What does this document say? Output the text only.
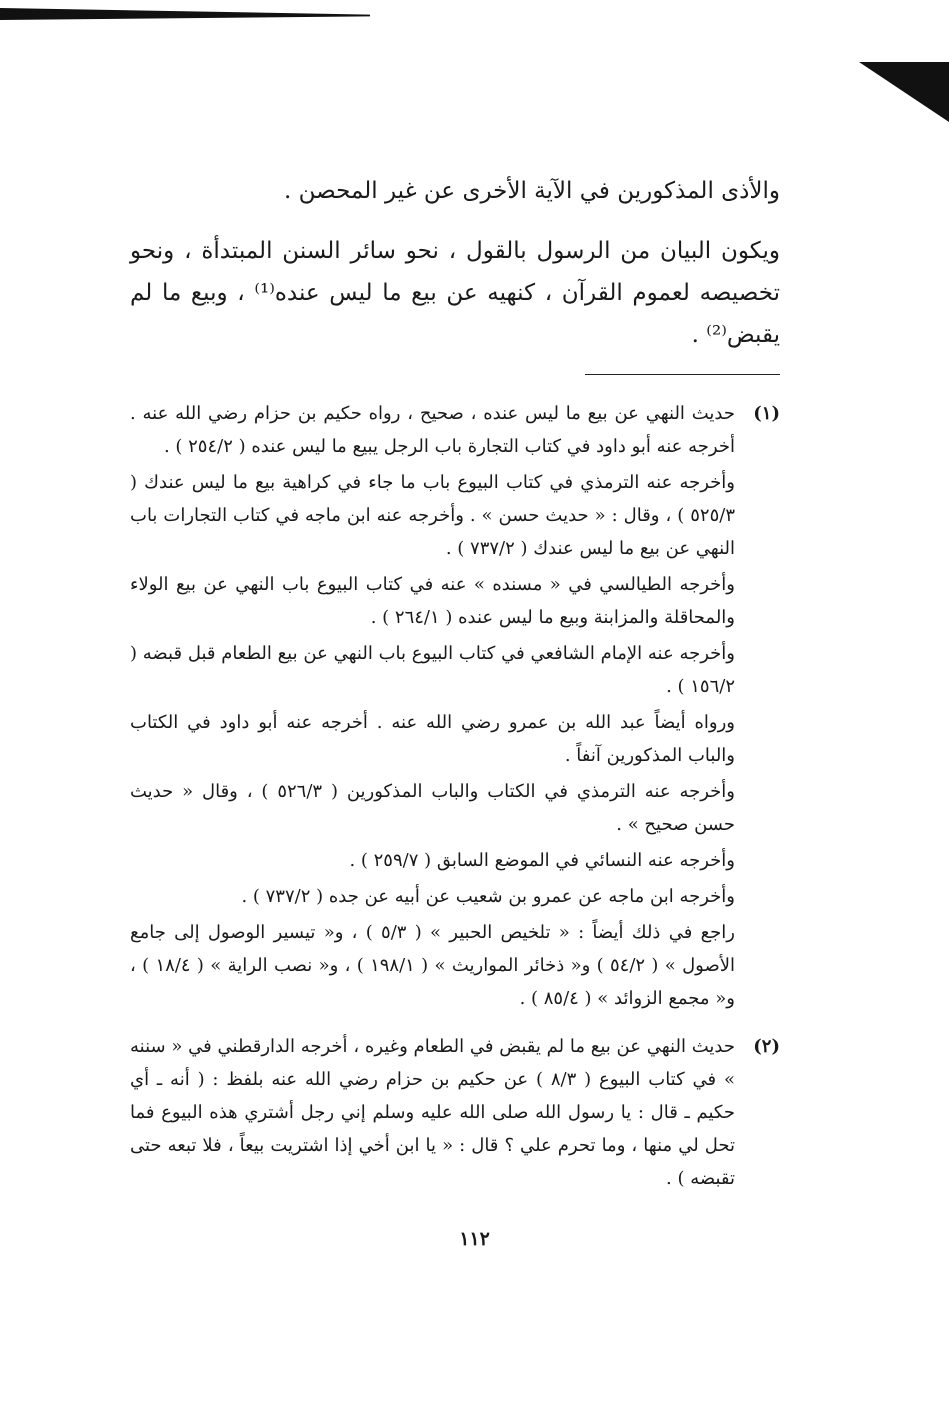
والأذى المذكورين في الآية الأخرى عن غير المحصن .

ويكون البيان من الرسول بالقول ، نحو سائر السنن المبتدأة ، ونحو تخصيصه لعموم القرآن ، كنهيه عن بيع ما ليس عنده⁽¹⁾ ، وبيع ما لم يقبض⁽²⁾ .

(١)

حديث النهي عن بيع ما ليس عنده ، صحيح ، رواه حكيم بن حزام رضي الله عنه . أخرجه عنه أبو داود في كتاب التجارة باب الرجل يبيع ما ليس عنده ( ٢٥٤/٢ ) .

وأخرجه عنه الترمذي في كتاب البيوع باب ما جاء في كراهية بيع ما ليس عندك ( ٥٢٥/٣ ) ، وقال : « حديث حسن » . وأخرجه عنه ابن ماجه في كتاب التجارات باب النهي عن بيع ما ليس عندك ( ٧٣٧/٢ ) .

وأخرجه الطيالسي في « مسنده » عنه في كتاب البيوع باب النهي عن بيع الولاء والمحاقلة والمزابنة وبيع ما ليس عنده ( ٢٦٤/١ ) .

وأخرجه عنه الإمام الشافعي في كتاب البيوع باب النهي عن بيع الطعام قبل قبضه ( ١٥٦/٢ ) .

ورواه أيضاً عبد الله بن عمرو رضي الله عنه . أخرجه عنه أبو داود في الكتاب والباب المذكورين آنفاً .

وأخرجه عنه الترمذي في الكتاب والباب المذكورين ( ٥٢٦/٣ ) ، وقال « حديث حسن صحيح » .

وأخرجه عنه النسائي في الموضع السابق ( ٢٥٩/٧ ) .

وأخرجه ابن ماجه عن عمرو بن شعيب عن أبيه عن جده ( ٧٣٧/٢ ) .

راجع في ذلك أيضاً : « تلخيص الحبير » ( ٥/٣ ) ، و« تيسير الوصول إلى جامع الأصول » ( ٥٤/٢ ) و« ذخائر المواريث » ( ١٩٨/١ ) ، و« نصب الراية » ( ١٨/٤ ) ، و« مجمع الزوائد » ( ٨٥/٤ ) .

(٢)

حديث النهي عن بيع ما لم يقبض في الطعام وغيره ، أخرجه الدارقطني في « سننه » في كتاب البيوع ( ٨/٣ ) عن حكيم بن حزام رضي الله عنه بلفظ : ( أنه ـ أي حكيم ـ قال : يا رسول الله صلى الله عليه وسلم إني رجل أشتري هذه البيوع فما تحل لي منها ، وما تحرم علي ؟ قال : « يا ابن أخي إذا اشتريت بيعاً ، فلا تبعه حتى تقبضه ) .

١١٢
